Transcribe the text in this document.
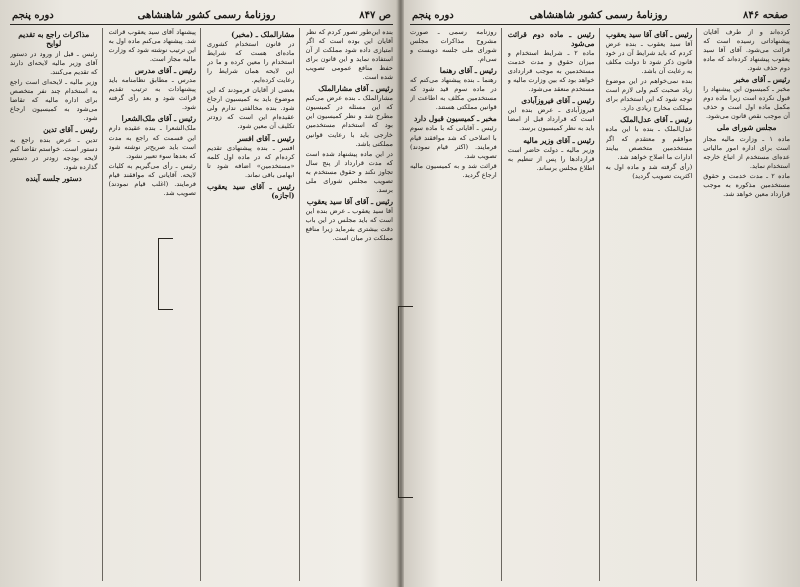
ص ۸۴۷
روزنامهٔ رسمی کشور شاهنشاهی
دوره پنجم

بنده این‌طور تصور کردم که نظر آقایان این بوده است که اگر امتیازی داده شود مملکت از آن استفاده نماید و این قانون برای حفظ منافع عمومی تصویب شده است.

رئیس ـ آقای مشارالملک

مشارالملک ـ بنده عرض می‌کنم که این مسئله در کمیسیون مطرح شد و نظر کمیسیون این بود که استخدام مستخدمین خارجی باید با رعایت قوانین مملکتی باشد.

در این ماده پیشنهاد شده است که مدت قرارداد از پنج سال تجاوز نکند و حقوق مستخدم به تصویب مجلس شورای ملی برسد.

رئیس ـ آقای آقا سید یعقوب

آقا سید یعقوب ـ عرض بنده این است که باید مجلس در این باب دقت بیشتری بفرماید زیرا منافع مملکت در میان است.

مشارالملک ـ (مخبر)

در قانون استخدام کشوری ماده‌ای هست که شرایط استخدام را معین کرده و ما در این لایحه همان شرایط را رعایت کرده‌ایم.

بعضی از آقایان فرمودند که این موضوع باید به کمیسیون ارجاع شود. بنده مخالفتی ندارم ولی عقیده‌ام این است که زودتر تکلیف آن معین شود.

رئیس ـ آقای افسر

افسر ـ بنده پیشنهادی تقدیم کرده‌ام که در ماده اول کلمه «مستخدمین» اضافه شود تا ابهامی باقی نماند.

رئیس ـ آقای سید یعقوب (اجازه)

پیشنهاد آقای سید یعقوب قرائت شد. پیشنهاد می‌کنم ماده اول به این ترتیب نوشته شود که وزارت مالیه مجاز است.

رئیس ـ آقای مدرس

مدرس ـ مطابق نظامنامه باید پیشنهادات به ترتیب تقدیم قرائت شود و بعد رأی گرفته شود.

رئیس ـ آقای ملک‌الشعرا

ملک‌الشعرا ـ بنده عقیده دارم این قسمت که راجع به مدت است باید صریح‌تر نوشته شود که بعدها سوء تعبیر نشود.

رئیس ـ رأی می‌گیریم به کلیات لایحه. آقایانی که موافقند قیام فرمایند. (اغلب قیام نمودند) تصویب شد.

مذاکرات راجع به تقدیم لوایح

رئیس ـ قبل از ورود در دستور آقای وزیر مالیه لایحه‌ای دارند که تقدیم می‌کنند.

وزیر مالیه ـ لایحه‌ای است راجع به استخدام چند نفر متخصص برای اداره مالیه که تقاضا می‌شود به کمیسیون ارجاع شود.

رئیس ـ آقای تدین

تدین ـ عرض بنده راجع به دستور است. خواستم تقاضا کنم لایحه بودجه زودتر در دستور گذارده شود.

دستور جلسه آینده
صفحه ۸۴۶
روزنامهٔ رسمی کشور شاهنشاهی
دوره پنجم

کرده‌اند و از طرف آقایان پیشنهاداتی رسیده است که قرائت می‌شود. آقای آقا سید یعقوب پیشنهاد کرده‌اند که ماده دوم حذف شود.

رئیس ـ آقای مخبر

مخبر ـ کمیسیون این پیشنهاد را قبول نکرده است زیرا ماده دوم مکمل ماده اول است و حذف آن موجب نقص قانون می‌شود.

مجلس شورای ملی

ماده ۱ ـ وزارت مالیه مجاز است برای اداره امور مالیاتی عده‌ای مستخدم از اتباع خارجه استخدام نماید.

ماده ۲ ـ مدت خدمت و حقوق مستخدمین مذکوره به موجب قرارداد معین خواهد شد.

رئیس ـ آقای آقا سید یعقوب

آقا سید یعقوب ـ بنده عرض کردم که باید شرایط آن در خود قانون ذکر شود تا دولت مکلف به رعایت آن باشد.

بنده نمی‌خواهم در این موضوع زیاد صحبت کنم ولی لازم است توجه شود که این استخدام برای مملکت مخارج زیادی دارد.

رئیس ـ آقای عدل‌الملک

عدل‌الملک ـ بنده با این ماده موافقم و معتقدم که اگر مستخدمین متخصص بیایند ادارات ما اصلاح خواهد شد.

(رأی گرفته شد و ماده اول به اکثریت تصویب گردید)

رئیس ـ ماده دوم قرائت می‌شود

ماده ۲ ـ شرایط استخدام و میزان حقوق و مدت خدمت مستخدمین به موجب قراردادی خواهد بود که بین وزارت مالیه و مستخدم منعقد می‌شود.

رئیس ـ آقای فیروزآبادی

فیروزآبادی ـ عرض بنده این است که قرارداد قبل از امضا باید به نظر کمیسیون برسد.

رئیس ـ آقای وزیر مالیه

وزیر مالیه ـ دولت حاضر است قراردادها را پس از تنظیم به اطلاع مجلس برساند.

روزنامه رسمی ـ صورت مشروح مذاکرات مجلس شورای ملی جلسه دویست و سی‌ام.

رئیس ـ آقای رهنما

رهنما ـ بنده پیشنهاد می‌کنم که در ماده سوم قید شود که مستخدمین مکلف به اطاعت از قوانین مملکتی هستند.

مخبر ـ کمیسیون قبول دارد

رئیس ـ آقایانی که با ماده سوم با اصلاحی که شد موافقند قیام فرمایند. (اکثر قیام نمودند) تصویب شد.

قرائت شد و به کمیسیون مالیه ارجاع گردید.
